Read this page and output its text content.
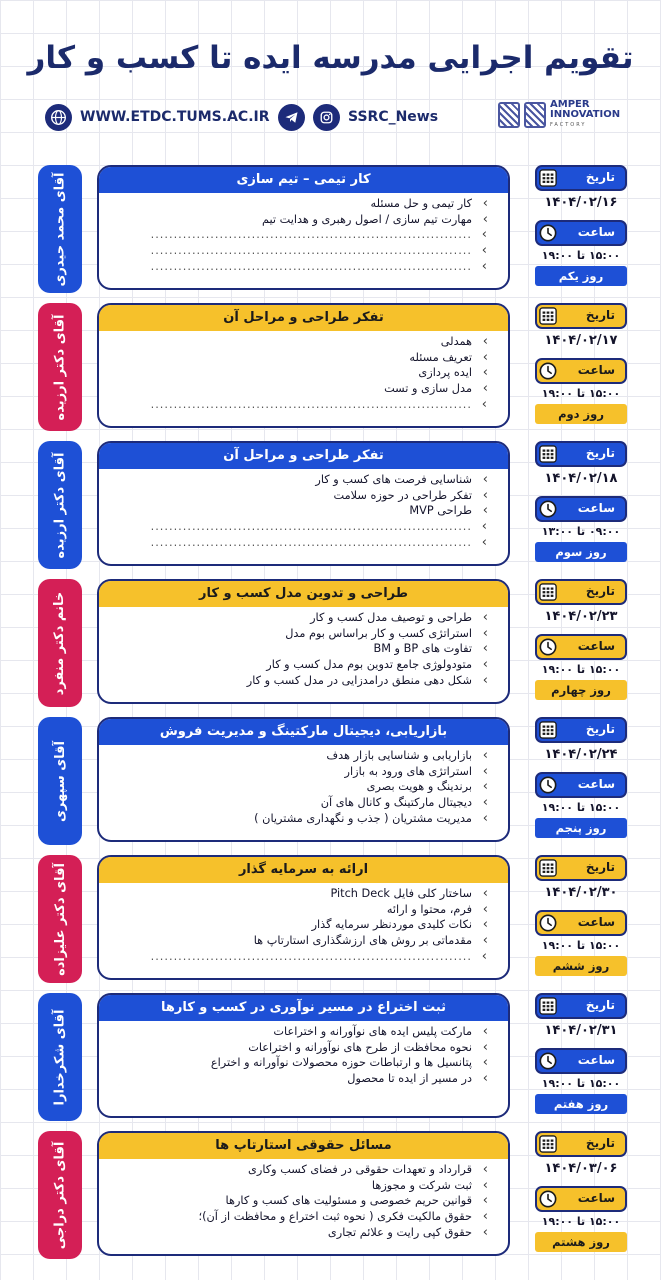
تقویم اجرایی مدرسه ایده تا کسب و کار
WWW.ETDC.TUMS.AC.IR	SSRC_News
AMPER
INNOVATION
FACTORY
آقای محمد حیدری	کار تیمی – تیم سازی
› کار تیمی و حل مسئله
› مهارت تیم سازی / اصول رهبری و هدایت تیم
› ......................................................................
› ......................................................................
› ......................................................................
تاریخ
۱۴۰۴/۰۲/۱۶
ساعت
۱۵:۰۰ تا ۱۹:۰۰
روز یکم
آقای دکتر ارزیده	تفکر طراحی و مراحل آن
› همدلی
› تعریف مسئله
› ایده پردازی
› مدل سازی و تست
› ......................................................................
تاریخ
۱۴۰۴/۰۲/۱۷
ساعت
۱۵:۰۰ تا ۱۹:۰۰
روز دوم
آقای دکتر ارزیده	تفکر طراحی و مراحل آن
› شناسایی فرصت های کسب و کار
› تفکر طراحی در حوزه سلامت
› طراحی MVP
› ......................................................................
› ......................................................................
تاریخ
۱۴۰۴/۰۲/۱۸
ساعت
۰۹:۰۰ تا ۱۳:۰۰
روز سوم
خانم دکتر منفرد	طراحی و تدوین مدل کسب و کار
› طراحی و توصیف مدل کسب و کار
› استراتژی کسب و کار براساس بوم مدل
› تفاوت های BP و BM
› متودولوژی جامع تدوین بوم مدل کسب و کار
› شکل دهی منطق درامدزایی در مدل کسب و کار
تاریخ
۱۴۰۴/۰۲/۲۳
ساعت
۱۵:۰۰ تا ۱۹:۰۰
روز چهارم
آقای سپهری
بازاریابی، دیجیتال مارکتینگ و مدیریت فروش
› بازاریابی و شناسایی بازار هدف
› استراتژی های ورود به بازار
› برندینگ و هویت بصری
› دیجیتال مارکتینگ و کانال های آن
› مدیریت مشتریان ( جذب و نگهداری مشتریان )
تاریخ
۱۴۰۴/۰۲/۲۴
ساعت
۱۵:۰۰ تا ۱۹:۰۰
روز پنجم
آقای دکتر علیزاده	ارائه به سرمایه گذار
› ساختار کلی فایل Pitch Deck
› فرم، محتوا و ارائه
› نکات کلیدی موردنظر سرمایه گذار
› مقدماتی بر روش های ارزشگذاری استارتاپ ها
› ......................................................................
تاریخ
۱۴۰۴/۰۲/۳۰
ساعت
۱۵:۰۰ تا ۱۹:۰۰
روز ششم
آقای شکرخدارا
ثبت اختراع در مسیر نوآوری در کسب و کارها
› مارکت پلیس ایده های نوآورانه و اختراعات
› نحوه محافظت از طرح های نوآورانه و اختراعات
› پتانسیل ها و ارتباطات حوزه محصولات نوآورانه و اختراع
› در مسیر از ایده تا محصول
تاریخ
۱۴۰۴/۰۲/۳۱
ساعت
۱۵:۰۰ تا ۱۹:۰۰
روز هفتم
آقای دکتر دراجی	مسائل حقوقی استارتاپ ها
› قرارداد و تعهدات حقوقی در فضای کسب وکاری
› ثبت شرکت و مجوزها
› قوانین حریم خصوصی و مسئولیت های کسب و کارها
› حقوق مالکیت فکری ( نحوه ثبت اختراع و محافظت از آن)؛
› حقوق کپی رایت و علائم تجاری
تاریخ
۱۴۰۴/۰۳/۰۶
ساعت
۱۵:۰۰ تا ۱۹:۰۰
روز هشتم
